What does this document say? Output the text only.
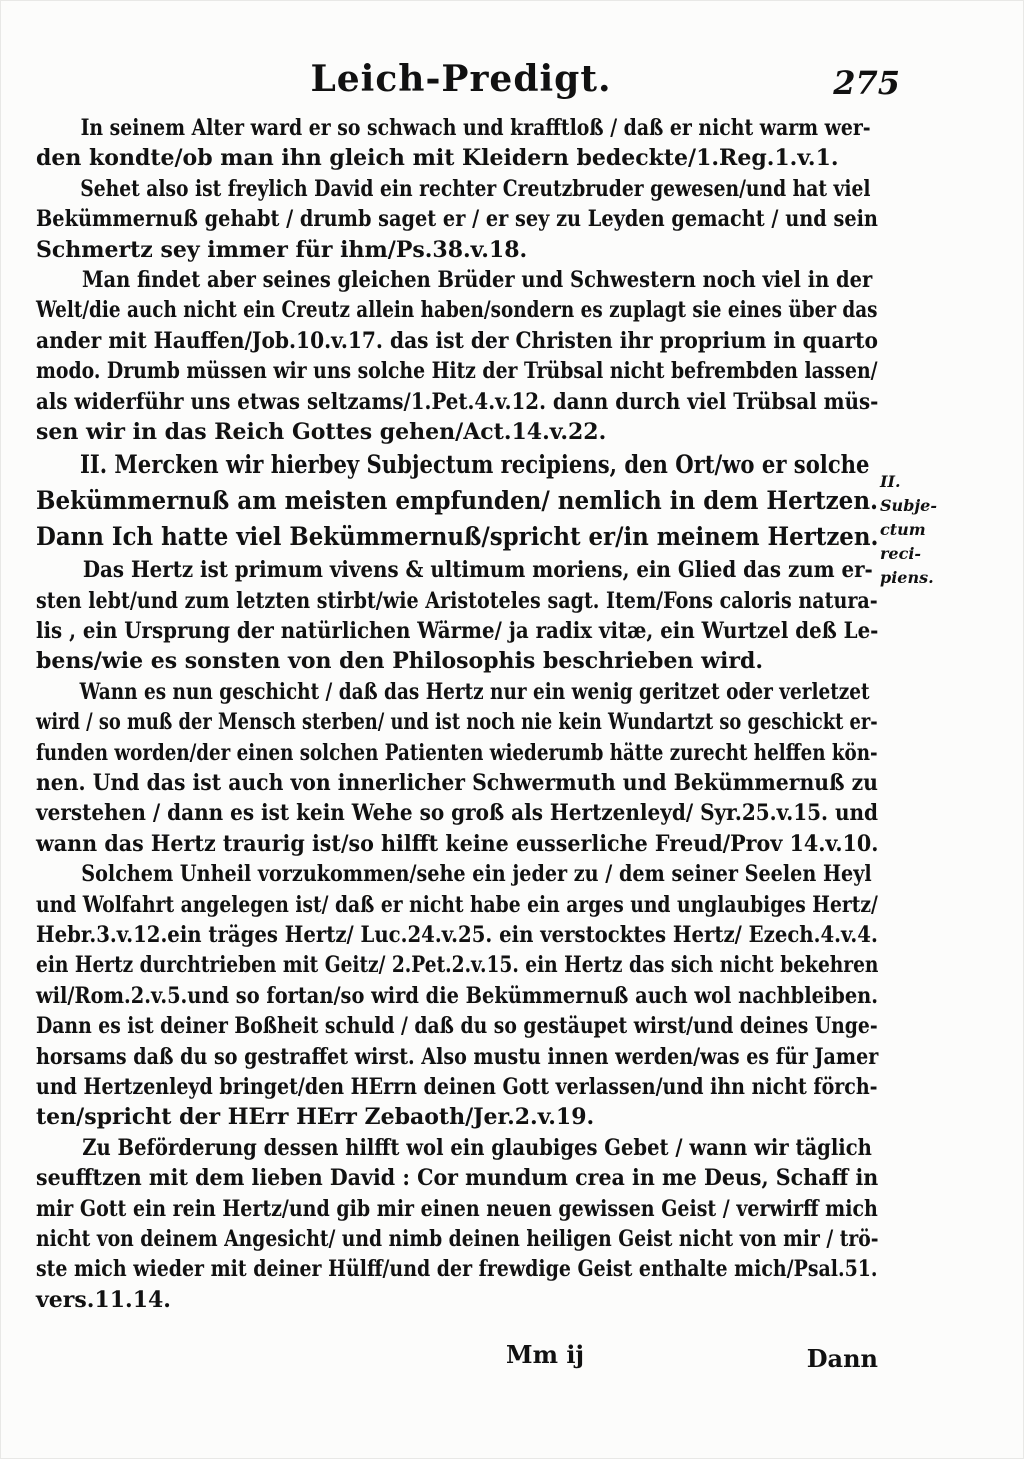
Leich-Predigt.	275

In seinem Alter ward er so schwach und krafftloß / daß er nicht warm wer-
den kondte/ob man ihn gleich mit Kleidern bedeckte/1.Reg.1.v.1.

Sehet also ist freylich David ein rechter Creutzbruder gewesen/und hat viel
Bekümmernuß gehabt / drumb saget er / er sey zu Leyden gemacht / und sein
Schmertz sey immer für ihm/Ps.38.v.18.

Man findet aber seines gleichen Brüder und Schwestern noch viel in der
Welt/die auch nicht ein Creutz allein haben/sondern es zuplagt sie eines über das
ander mit Hauffen/Job.10.v.17. das ist der Christen ihr proprium in quarto
modo. Drumb müssen wir uns solche Hitz der Trübsal nicht befrembden lassen/
als widerführ uns etwas seltzams/1.Pet.4.v.12. dann durch viel Trübsal müs-
sen wir in das Reich Gottes gehen/Act.14.v.22.

II. Mercken wir hierbey Subjectum recipiens, den Ort/wo er solche
Bekümmernuß am meisten empfunden/ nemlich in dem Hertzen.
Dann Ich hatte viel Bekümmernuß/spricht er/in meinem Hertzen.

Das Hertz ist primum vivens & ultimum moriens, ein Glied das zum er-
sten lebt/und zum letzten stirbt/wie Aristoteles sagt. Item/Fons caloris natura-
lis , ein Ursprung der natürlichen Wärme/ ja radix vitæ, ein Wurtzel deß Le-
bens/wie es sonsten von den Philosophis beschrieben wird.

Wann es nun geschicht / daß das Hertz nur ein wenig geritzet oder verletzet
wird / so muß der Mensch sterben/ und ist noch nie kein Wundartzt so geschickt er-
funden worden/der einen solchen Patienten wiederumb hätte zurecht helffen kön-
nen. Und das ist auch von innerlicher Schwermuth und Bekümmernuß zu
verstehen / dann es ist kein Wehe so groß als Hertzenleyd/ Syr.25.v.15. und
wann das Hertz traurig ist/so hilfft keine eusserliche Freud/Prov 14.v.10.

Solchem Unheil vorzukommen/sehe ein jeder zu / dem seiner Seelen Heyl
und Wolfahrt angelegen ist/ daß er nicht habe ein arges und unglaubiges Hertz/
Hebr.3.v.12.ein träges Hertz/ Luc.24.v.25. ein verstocktes Hertz/ Ezech.4.v.4.
ein Hertz durchtrieben mit Geitz/ 2.Pet.2.v.15. ein Hertz das sich nicht bekehren
wil/Rom.2.v.5.und so fortan/so wird die Bekümmernuß auch wol nachbleiben.
Dann es ist deiner Boßheit schuld / daß du so gestäupet wirst/und deines Unge-
horsams daß du so gestraffet wirst. Also mustu innen werden/was es für Jamer
und Hertzenleyd bringet/den HErrn deinen Gott verlassen/und ihn nicht förch-
ten/spricht der HErr HErr Zebaoth/Jer.2.v.19.

Zu Beförderung dessen hilfft wol ein glaubiges Gebet / wann wir täglich
seufftzen mit dem lieben David : Cor mundum crea in me Deus, Schaff in
mir Gott ein rein Hertz/und gib mir einen neuen gewissen Geist / verwirff mich
nicht von deinem Angesicht/ und nimb deinen heiligen Geist nicht von mir / trö-
ste mich wieder mit deiner Hülff/und der frewdige Geist enthalte mich/Psal.51.
vers.11.14.

II. Subje-
ctum reci-
piens.
Mm ij	Dann
